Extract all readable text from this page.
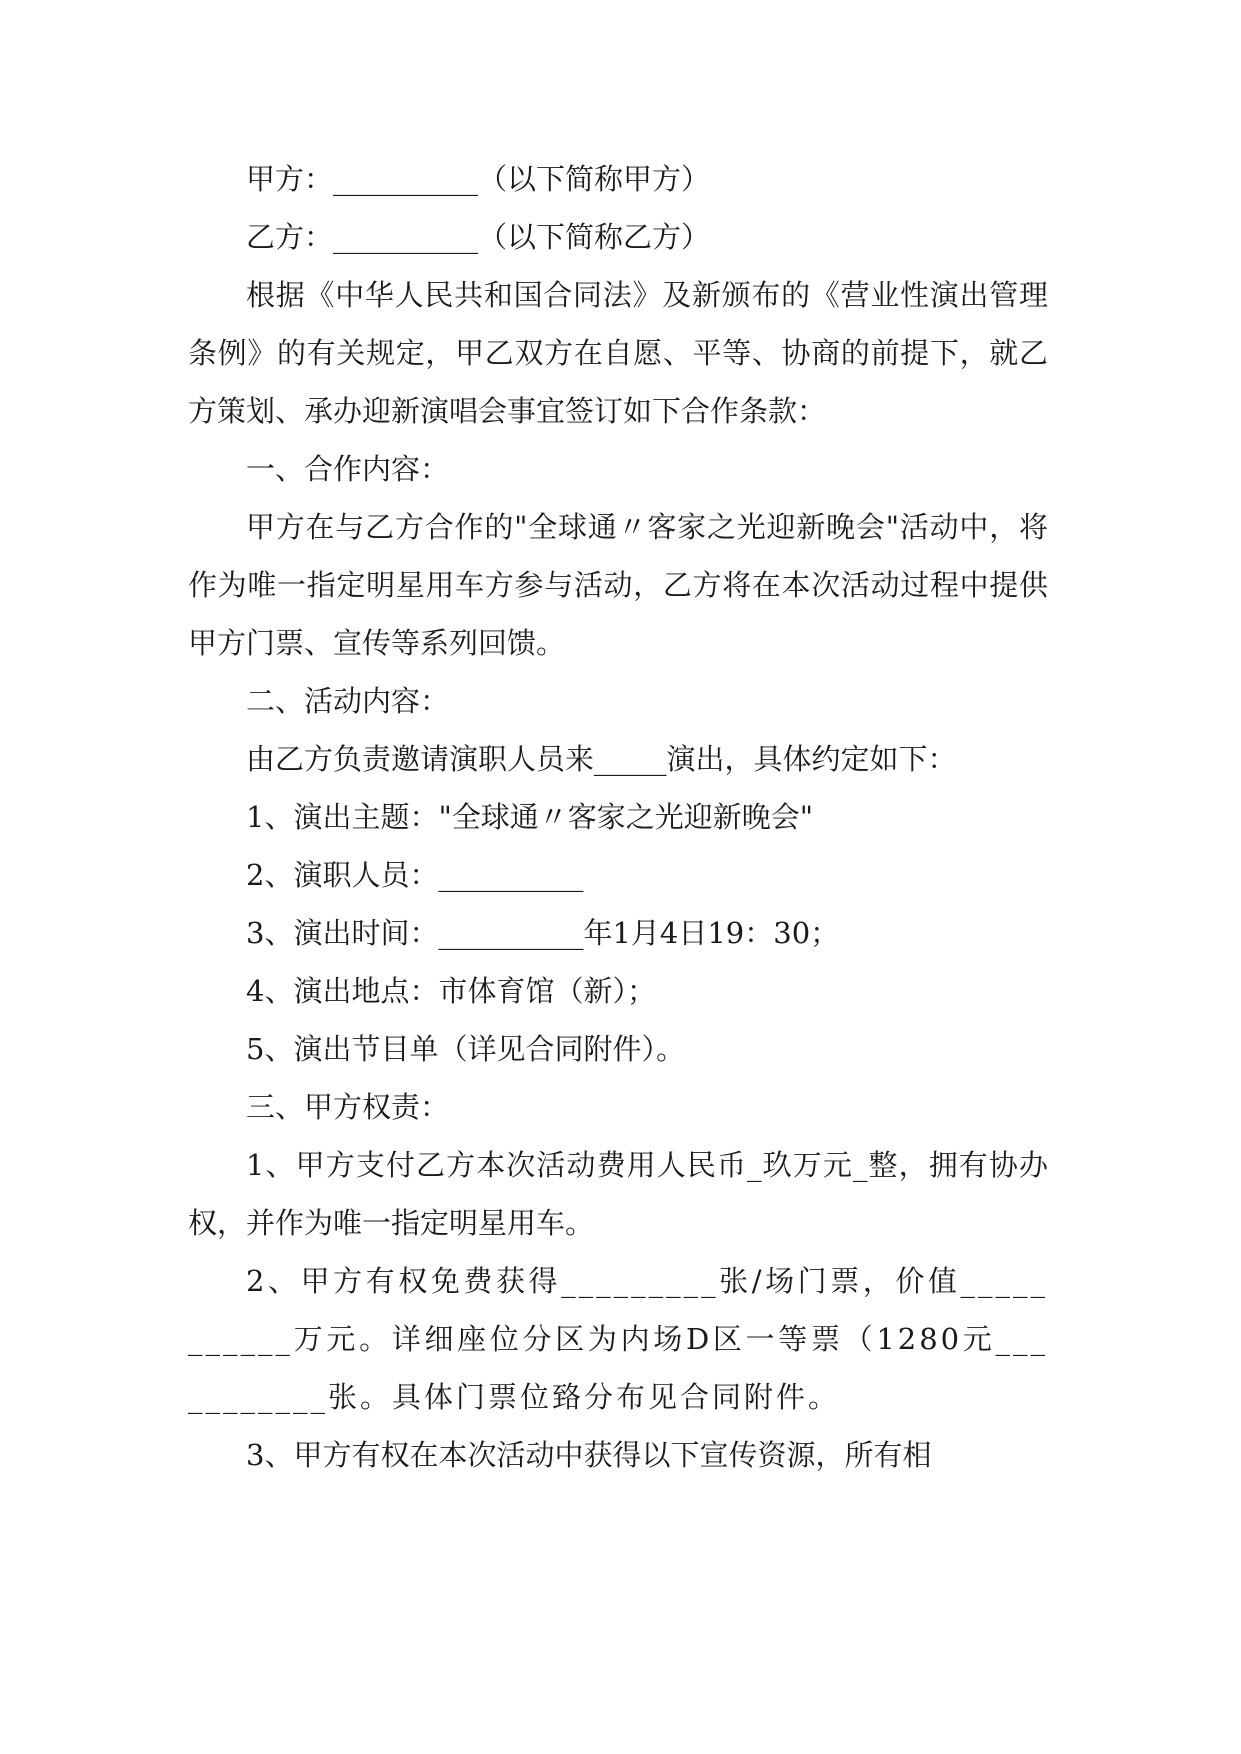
甲方：__________（以下简称甲方）

乙方：__________（以下简称乙方）

根据《中华人民共和国合同法》及新颁布的《营业性演出管理条例》的有关规定，甲乙双方在自愿、平等、协商的前提下，就乙方策划、承办迎新演唱会事宜签订如下合作条款：

一、合作内容：

甲方在与乙方合作的"全球通〃客家之光迎新晚会"活动中，将作为唯一指定明星用车方参与活动，乙方将在本次活动过程中提供甲方门票、宣传等系列回馈。

二、活动内容：

由乙方负责邀请演职人员来_____演出，具体约定如下：

1、演出主题："全球通〃客家之光迎新晚会"

2、演职人员：__________

3、演出时间：__________年1月4日19：30；

4、演出地点：市体育馆（新）；

5、演出节目单（详见合同附件）。

三、甲方权责：

1、甲方支付乙方本次活动费用人民币_玖万元_整，拥有协办权，并作为唯一指定明星用车。

2、甲方有权免费获得_________张/场门票，价值___________万元。详细座位分区为内场D区一等票（1280元___________张。具体门票位臵分布见合同附件。

3、甲方有权在本次活动中获得以下宣传资源，所有相
